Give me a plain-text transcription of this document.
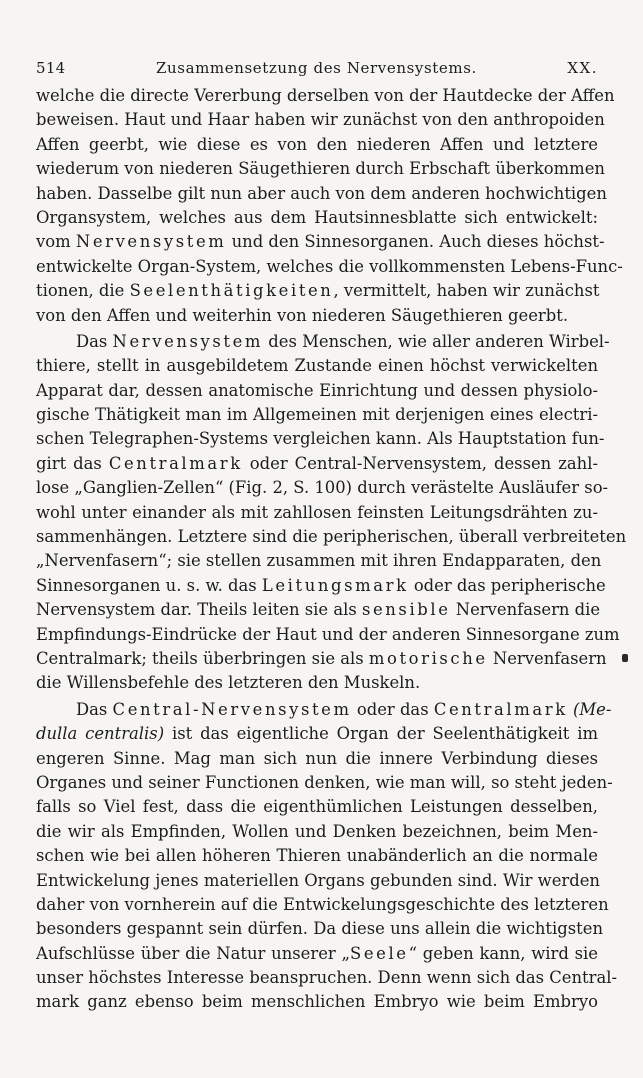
514	Zusammensetzung des Nervensystems.	XX.
welche die directe Vererbung derselben von der Hautdecke der Affen
beweisen. Haut und Haar haben wir zunächst von den anthropoiden
Affen geerbt, wie diese es von den niederen Affen und letztere
wiederum von niederen Säugethieren durch Erbschaft überkommen
haben. Dasselbe gilt nun aber auch von dem anderen hochwichtigen
Organsystem, welches aus dem Hautsinnesblatte sich entwickelt:
vom Nervensystem und den Sinnesorganen. Auch dieses höchst-
entwickelte Organ-System, welches die vollkommensten Lebens-Func-
tionen, die Seelenthätigkeiten, vermittelt, haben wir zunächst
von den Affen und weiterhin von niederen Säugethieren geerbt.
Das Nervensystem des Menschen, wie aller anderen Wirbel-
thiere, stellt in ausgebildetem Zustande einen höchst verwickelten
Apparat dar, dessen anatomische Einrichtung und dessen physiolo-
gische Thätigkeit man im Allgemeinen mit derjenigen eines electri-
schen Telegraphen-Systems vergleichen kann. Als Hauptstation fun-
girt das Centralmark oder Central-Nervensystem, dessen zahl-
lose „Ganglien-Zellen“ (Fig. 2, S. 100) durch verästelte Ausläufer so-
wohl unter einander als mit zahllosen feinsten Leitungsdrähten zu-
sammenhängen. Letztere sind die peripherischen, überall verbreiteten
„Nervenfasern“; sie stellen zusammen mit ihren Endapparaten, den
Sinnesorganen u. s. w. das Leitungsmark oder das peripherische
Nervensystem dar. Theils leiten sie als sensible Nervenfasern die
Empfindungs-Eindrücke der Haut und der anderen Sinnesorgane zum
Centralmark; theils überbringen sie als motorische Nervenfasern
die Willensbefehle des letzteren den Muskeln.
Das Central-Nervensystem oder das Centralmark (Me-
dulla centralis) ist das eigentliche Organ der Seelenthätigkeit im
engeren Sinne. Mag man sich nun die innere Verbindung dieses
Organes und seiner Functionen denken, wie man will, so steht jeden-
falls so Viel fest, dass die eigenthümlichen Leistungen desselben,
die wir als Empfinden, Wollen und Denken bezeichnen, beim Men-
schen wie bei allen höheren Thieren unabänderlich an die normale
Entwickelung jenes materiellen Organs gebunden sind. Wir werden
daher von vornherein auf die Entwickelungsgeschichte des letzteren
besonders gespannt sein dürfen. Da diese uns allein die wichtigsten
Aufschlüsse über die Natur unserer „Seele“ geben kann, wird sie
unser höchstes Interesse beanspruchen. Denn wenn sich das Central-
mark ganz ebenso beim menschlichen Embryo wie beim Embryo
